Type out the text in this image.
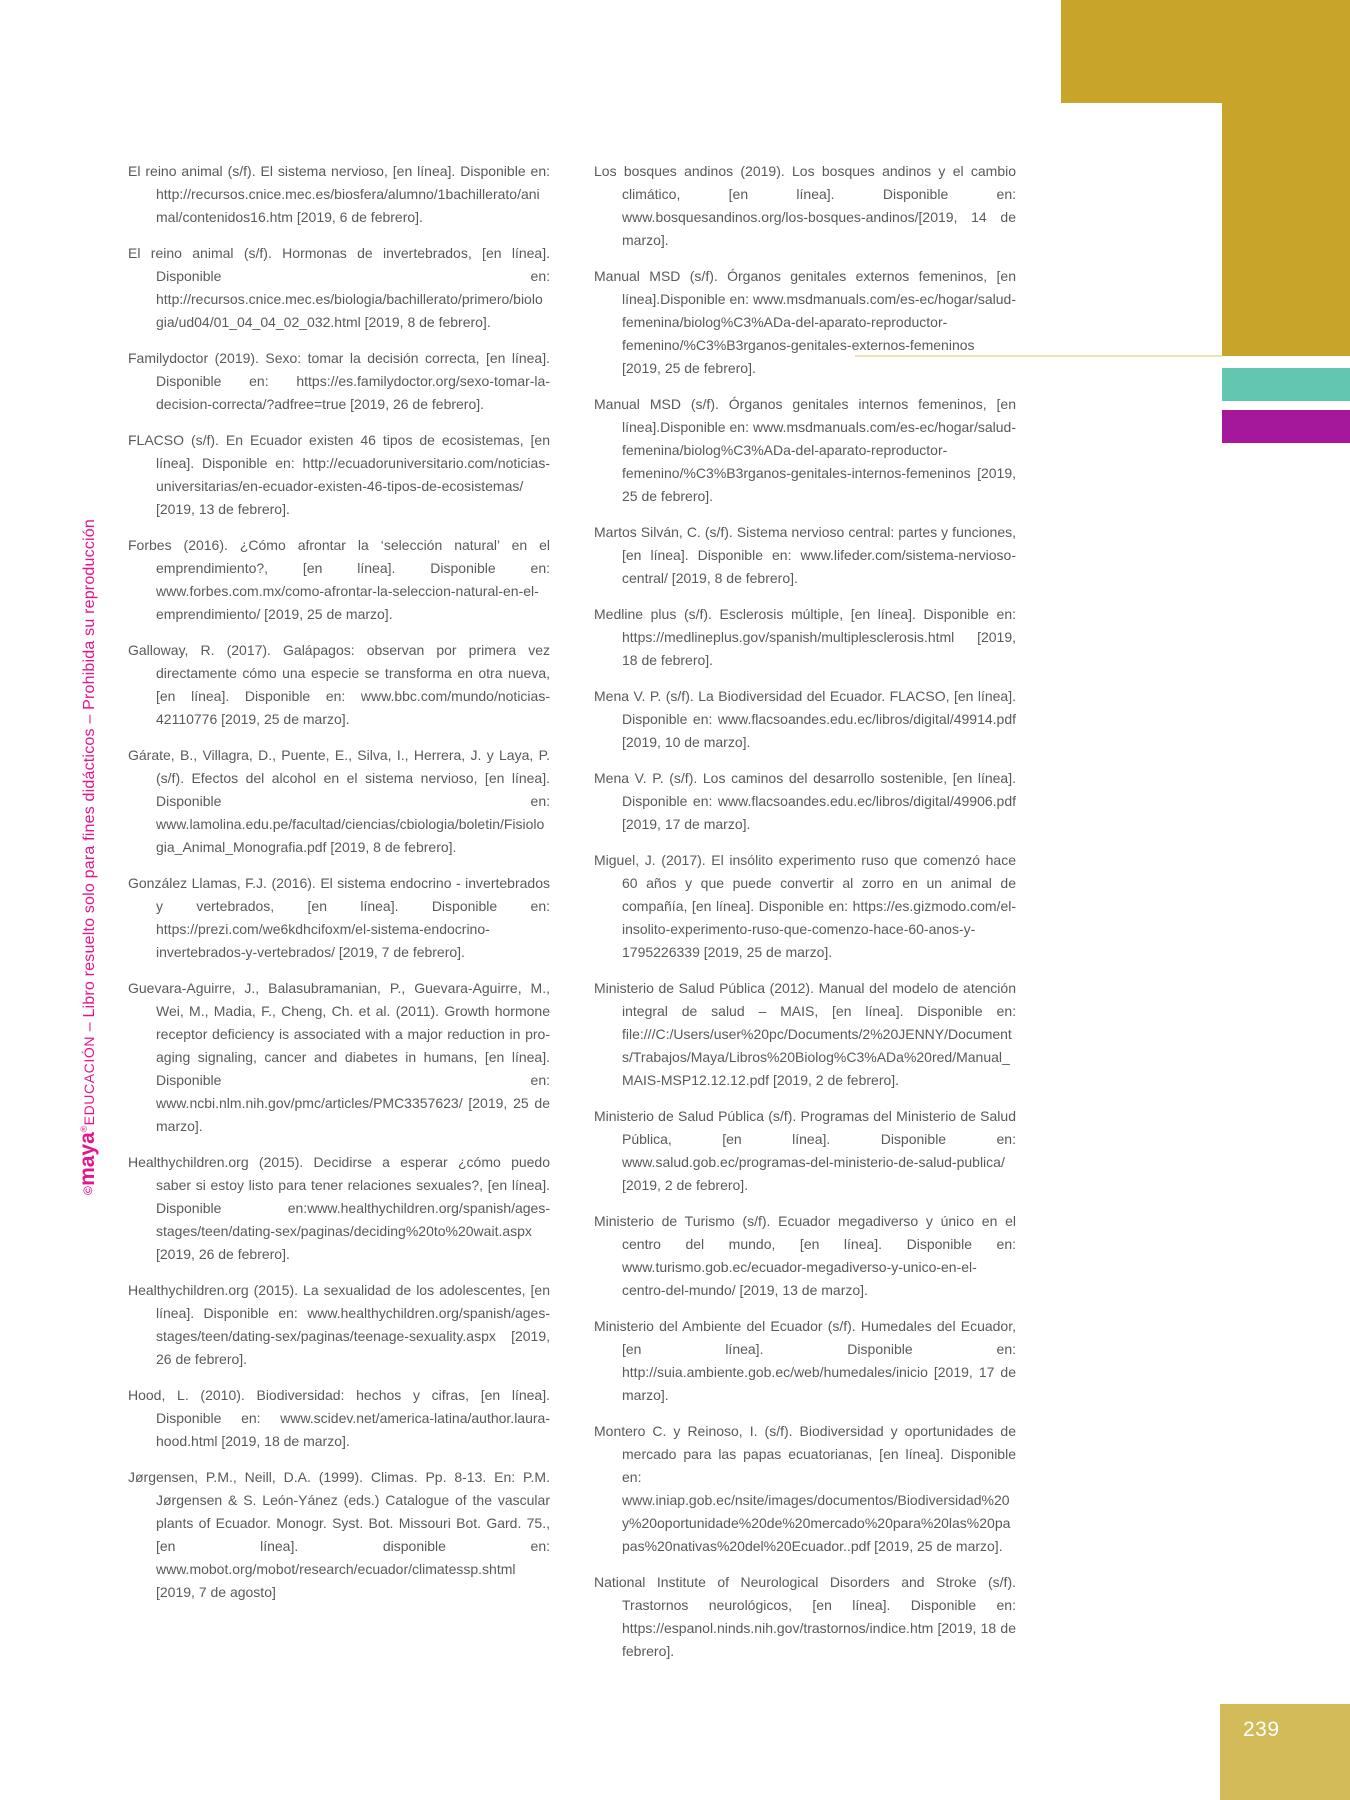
©maya®EDUCACIÓN – Libro resuelto solo para fines didácticos – Prohibida su reproducción

El reino animal (s/f). El sistema nervioso, [en línea]. Disponible en: http://recursos.cnice.mec.es/biosfera/alumno/1bachillerato/animal/contenidos16.htm [2019, 6 de febrero].

El reino animal (s/f). Hormonas de invertebrados, [en línea]. Disponible en: http://recursos.cnice.mec.es/biologia/bachillerato/primero/biologia/ud04/01_04_04_02_032.html [2019, 8 de febrero].

Familydoctor (2019). Sexo: tomar la decisión correcta, [en línea]. Disponible en: https://es.familydoctor.org/sexo-tomar-la-decision-correcta/?adfree=true [2019, 26 de febrero].

FLACSO (s/f). En Ecuador existen 46 tipos de ecosistemas, [en línea]. Disponible en: http://ecuadoruniversitario.com/noticias-universitarias/en-ecuador-existen-46-tipos-de-ecosistemas/ [2019, 13 de febrero].

Forbes (2016). ¿Cómo afrontar la ‘selección natural’ en el emprendimiento?, [en línea]. Disponible en: www.forbes.com.mx/como-afrontar-la-seleccion-natural-en-el-emprendimiento/ [2019, 25 de marzo].

Galloway, R. (2017). Galápagos: observan por primera vez directamente cómo una especie se transforma en otra nueva, [en línea]. Disponible en: www.bbc.com/mundo/noticias-42110776 [2019, 25 de marzo].

Gárate, B., Villagra, D., Puente, E., Silva, I., Herrera, J. y Laya, P. (s/f). Efectos del alcohol en el sistema nervioso, [en línea]. Disponible en: www.lamolina.edu.pe/facultad/ciencias/cbiologia/boletin/Fisiologia_Animal_Monografia.pdf [2019, 8 de febrero].

González Llamas, F.J. (2016). El sistema endocrino - invertebrados y vertebrados, [en línea]. Disponible en: https://prezi.com/we6kdhcifoxm/el-sistema-endocrino-invertebrados-y-vertebrados/ [2019, 7 de febrero].

Guevara-Aguirre, J., Balasubramanian, P., Guevara-Aguirre, M., Wei, M., Madia, F., Cheng, Ch. et al. (2011). Growth hormone receptor deficiency is associated with a major reduction in pro-aging signaling, cancer and diabetes in humans, [en línea]. Disponible en: www.ncbi.nlm.nih.gov/pmc/articles/PMC3357623/ [2019, 25 de marzo].

Healthychildren.org (2015). Decidirse a esperar ¿cómo puedo saber si estoy listo para tener relaciones sexuales?, [en línea]. Disponible en:www.healthychildren.org/spanish/ages-stages/teen/dating-sex/paginas/deciding%20to%20wait.aspx [2019, 26 de febrero].

Healthychildren.org (2015). La sexualidad de los adolescentes, [en línea]. Disponible en: www.healthychildren.org/spanish/ages-stages/teen/dating-sex/paginas/teenage-sexuality.aspx [2019, 26 de febrero].

Hood, L. (2010). Biodiversidad: hechos y cifras, [en línea]. Disponible en: www.scidev.net/america-latina/author.laura-hood.html [2019, 18 de marzo].

Jørgensen, P.M., Neill, D.A. (1999). Climas. Pp. 8-13. En: P.M. Jørgensen & S. León-Yánez (eds.) Catalogue of the vascular plants of Ecuador. Monogr. Syst. Bot. Missouri Bot. Gard. 75., [en línea]. disponible en: www.mobot.org/mobot/research/ecuador/climatessp.shtml [2019, 7 de agosto]

Los bosques andinos (2019). Los bosques andinos y el cambio climático, [en línea]. Disponible en: www.bosquesandinos.org/los-bosques-andinos/[2019, 14 de marzo].

Manual MSD (s/f). Órganos genitales externos femeninos, [en línea].Disponible en: www.msdmanuals.com/es-ec/hogar/salud-femenina/biolog%C3%ADa-del-aparato-reproductor-femenino/%C3%B3rganos-genitales-externos-femeninos [2019, 25 de febrero].

Manual MSD (s/f). Órganos genitales internos femeninos, [en línea].Disponible en: www.msdmanuals.com/es-ec/hogar/salud-femenina/biolog%C3%ADa-del-aparato-reproductor-femenino/%C3%B3rganos-genitales-internos-femeninos [2019, 25 de febrero].

Martos Silván, C. (s/f). Sistema nervioso central: partes y funciones, [en línea]. Disponible en: www.lifeder.com/sistema-nervioso-central/ [2019, 8 de febrero].

Medline plus (s/f). Esclerosis múltiple, [en línea]. Disponible en: https://medlineplus.gov/spanish/multiplesclerosis.html [2019, 18 de febrero].

Mena V. P. (s/f). La Biodiversidad del Ecuador. FLACSO, [en línea]. Disponible en: www.flacsoandes.edu.ec/libros/digital/49914.pdf [2019, 10 de marzo].

Mena V. P. (s/f). Los caminos del desarrollo sostenible, [en línea]. Disponible en: www.flacsoandes.edu.ec/libros/digital/49906.pdf [2019, 17 de marzo].

Miguel, J. (2017). El insólito experimento ruso que comenzó hace 60 años y que puede convertir al zorro en un animal de compañía, [en línea]. Disponible en: https://es.gizmodo.com/el-insolito-experimento-ruso-que-comenzo-hace-60-anos-y-1795226339 [2019, 25 de marzo].

Ministerio de Salud Pública (2012). Manual del modelo de atención integral de salud – MAIS, [en línea]. Disponible en: file:///C:/Users/user%20pc/Documents/2%20JENNY/Documents/Trabajos/Maya/Libros%20Biolog%C3%ADa%20red/Manual_MAIS-MSP12.12.12.pdf [2019, 2 de febrero].

Ministerio de Salud Pública (s/f). Programas del Ministerio de Salud Pública, [en línea]. Disponible en: www.salud.gob.ec/programas-del-ministerio-de-salud-publica/ [2019, 2 de febrero].

Ministerio de Turismo (s/f). Ecuador megadiverso y único en el centro del mundo, [en línea]. Disponible en: www.turismo.gob.ec/ecuador-megadiverso-y-unico-en-el-centro-del-mundo/ [2019, 13 de marzo].

Ministerio del Ambiente del Ecuador (s/f). Humedales del Ecuador, [en línea]. Disponible en: http://suia.ambiente.gob.ec/web/humedales/inicio [2019, 17 de marzo].

Montero C. y Reinoso, I. (s/f). Biodiversidad y oportunidades de mercado para las papas ecuatorianas, [en línea]. Disponible en: www.iniap.gob.ec/nsite/images/documentos/Biodiversidad%20y%20oportunidade%20de%20mercado%20para%20las%20papas%20nativas%20del%20Ecuador..pdf [2019, 25 de marzo].

National Institute of Neurological Disorders and Stroke (s/f). Trastornos neurológicos, [en línea]. Disponible en: https://espanol.ninds.nih.gov/trastornos/indice.htm [2019, 18 de febrero].

239
